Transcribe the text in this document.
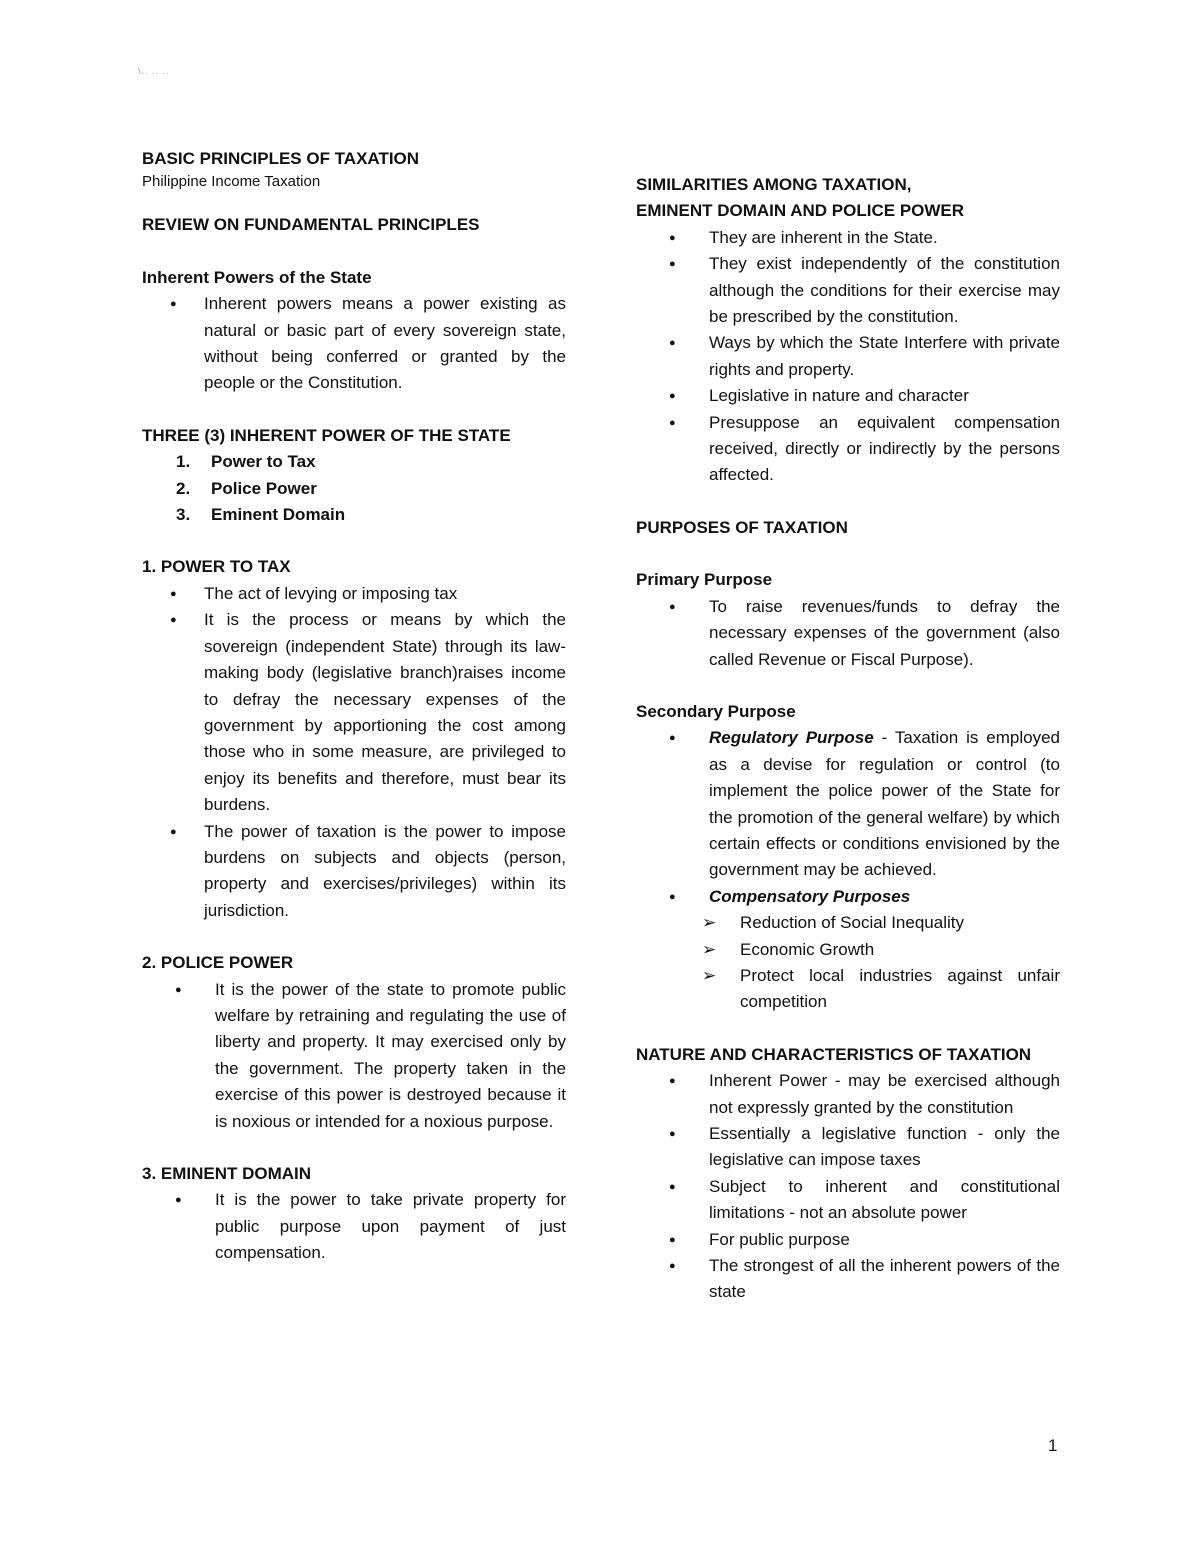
\.. .. ..

BASIC PRINCIPLES OF TAXATION

Philippine Income Taxation

REVIEW ON FUNDAMENTAL PRINCIPLES

Inherent Powers of the State

● Inherent powers means a power existing as natural or basic part of every sovereign state, without being conferred or granted by the people or the Constitution.

THREE (3) INHERENT POWER OF THE STATE

1. Power to Tax
2. Police Power
3. Eminent Domain

1. POWER TO TAX

● The act of levying or imposing tax
● It is the process or means by which the sovereign (independent State) through its law-making body (legislative branch)raises income to defray the necessary expenses of the government by apportioning the cost among those who in some measure, are privileged to enjoy its benefits and therefore, must bear its burdens.
● The power of taxation is the power to impose burdens on subjects and objects (person, property and exercises/privileges) within its jurisdiction.

2. POLICE POWER

● It is the power of the state to promote public welfare by retraining and regulating the use of liberty and property. It may exercised only by the government. The property taken in the exercise of this power is destroyed because it is noxious or intended for a noxious purpose.

3. EMINENT DOMAIN

● It is the power to take private property for public purpose upon payment of just compensation.

SIMILARITIES AMONG TAXATION,

EMINENT DOMAIN AND POLICE POWER

● They are inherent in the State.
● They exist independently of the constitution although the conditions for their exercise may be prescribed by the constitution.
● Ways by which the State Interfere with private rights and property.
● Legislative in nature and character
● Presuppose an equivalent compensation received, directly or indirectly by the persons affected.

PURPOSES OF TAXATION

Primary Purpose

● To raise revenues/funds to defray the necessary expenses of the government (also called Revenue or Fiscal Purpose).

Secondary Purpose

● Regulatory Purpose - Taxation is employed as a devise for regulation or control (to implement the police power of the State for the promotion of the general welfare) by which certain effects or conditions envisioned by the government may be achieved.
● Compensatory Purposes
➢ Reduction of Social Inequality
➢ Economic Growth
➢ Protect local industries against unfair competition

NATURE AND CHARACTERISTICS OF TAXATION

● Inherent Power - may be exercised although not expressly granted by the constitution
● Essentially a legislative function - only the legislative can impose taxes
● Subject to inherent and constitutional limitations - not an absolute power
● For public purpose
● The strongest of all the inherent powers of the state
1
